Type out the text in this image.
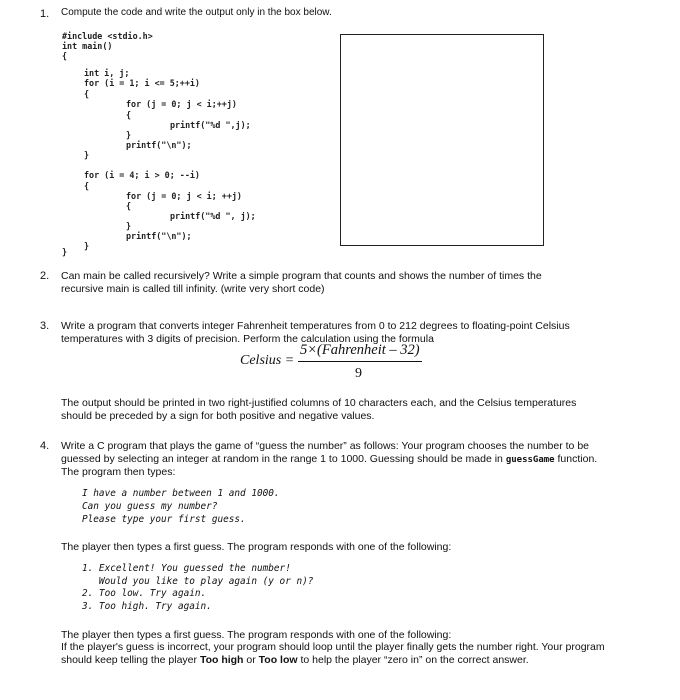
1. Compute the code and write the output only in the box below.
#include <stdio.h>
int main()
{
int i, j;
for (i = 1; i <= 5;++i)
{
for (j = 0; j < i;++j)
{
printf("%d ",j);
}
printf("\n");
}
for (i = 4; i > 0; --i)
{
for (j = 0; j < i; ++j)
{
printf("%d ", j);
}
printf("\n");
}
}
2. Can main be called recursively? Write a simple program that counts and shows the number of times the recursive main is called till infinity. (write very short code)
3. Write a program that converts integer Fahrenheit temperatures from 0 to 212 degrees to floating-point Celsius temperatures with 3 digits of precision. Perform the calculation using the formula
Celsius =
5×(Fahrenheit – 32)
9
The output should be printed in two right-justified columns of 10 characters each, and the Celsius temperatures should be preceded by a sign for both positive and negative values.
4. Write a C program that plays the game of “guess the number” as follows: Your program chooses the number to be guessed by selecting an integer at random in the range 1 to 1000. Guessing should be made in guessGame function. The program then types:
I have a number between 1 and 1000.
Can you guess my number?
Please type your first guess.
The player then types a first guess. The program responds with one of the following:
1. Excellent! You guessed the number!
Would you like to play again (y or n)?
2. Too low. Try again.
3. Too high. Try again.
The player then types a first guess. The program responds with one of the following:
If the player's guess is incorrect, your program should loop until the player finally gets the number right. Your program should keep telling the player Too high or Too low to help the player “zero in” on the correct answer.
